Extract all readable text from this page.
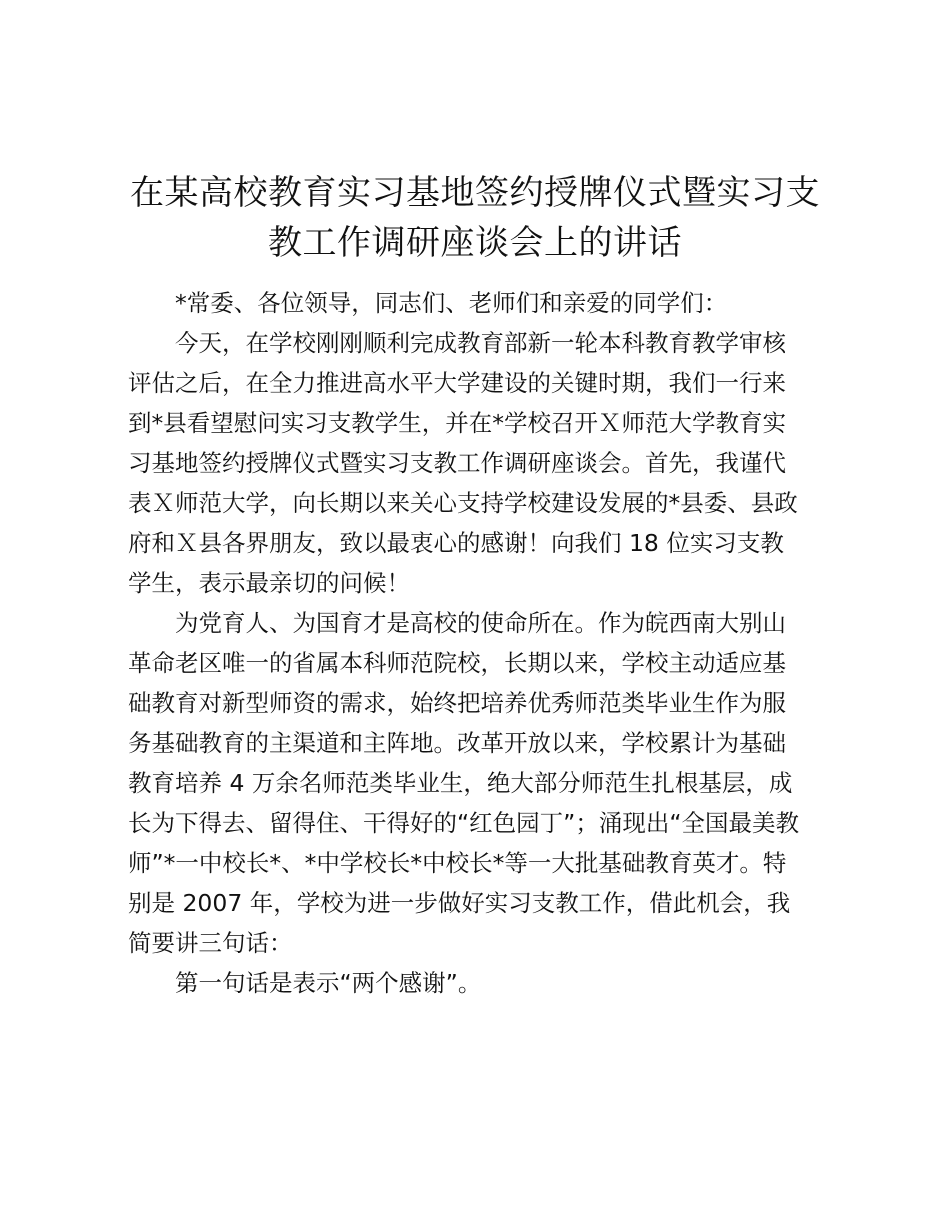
在某高校教育实习基地签约授牌仪式暨实习支
教工作调研座谈会上的讲话
*常委、各位领导，同志们、老师们和亲爱的同学们：
今天，在学校刚刚顺利完成教育部新一轮本科教育教学审核
评估之后，在全力推进高水平大学建设的关键时期，我们一行来
到*县看望慰问实习支教学生，并在*学校召开Ｘ师范大学教育实
习基地签约授牌仪式暨实习支教工作调研座谈会。首先，我谨代
表Ｘ师范大学，向长期以来关心支持学校建设发展的*县委、县政
府和Ｘ县各界朋友，致以最衷心的感谢！向我们 18 位实习支教
学生，表示最亲切的问候！
为党育人、为国育才是高校的使命所在。作为皖西南大别山
革命老区唯一的省属本科师范院校，长期以来，学校主动适应基
础教育对新型师资的需求，始终把培养优秀师范类毕业生作为服
务基础教育的主渠道和主阵地。改革开放以来，学校累计为基础
教育培养 4 万余名师范类毕业生，绝大部分师范生扎根基层，成
长为下得去、留得住、干得好的“红色园丁”；涌现出“全国最美教
师”*一中校长*、*中学校长*中校长*等一大批基础教育英才。特
别是 2007 年，学校为进一步做好实习支教工作，借此机会，我
简要讲三句话：
第一句话是表示“两个感谢”。
